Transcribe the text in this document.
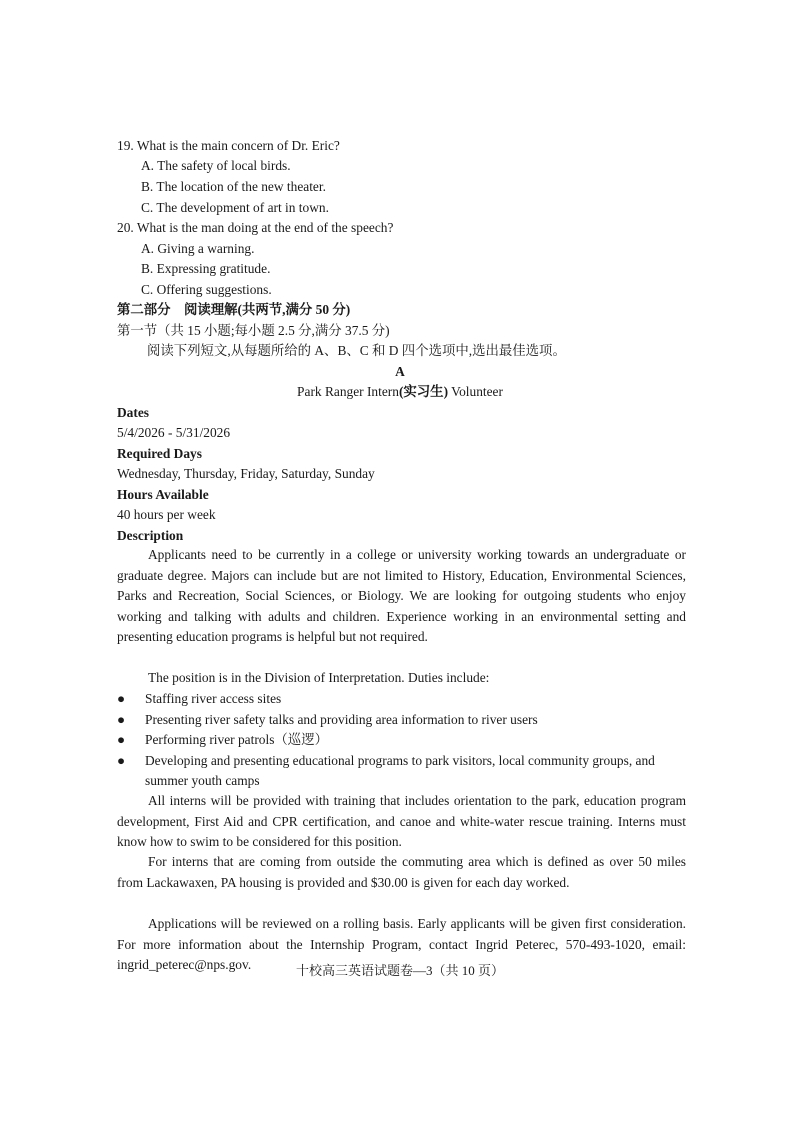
19. What is the main concern of Dr. Eric?
A. The safety of local birds.
B. The location of the new theater.
C. The development of art in town.
20. What is the man doing at the end of the speech?
A. Giving a warning.
B. Expressing gratitude.
C. Offering suggestions.
第二部分　阅读理解(共两节,满分 50 分)
第一节（共 15 小题;每小题 2.5 分,满分 37.5 分)
阅读下列短文,从每题所给的 A、B、C 和 D 四个选项中,选出最佳选项。
A
Park Ranger Intern(实习生) Volunteer
Dates
5/4/2026 - 5/31/2026
Required Days
Wednesday, Thursday, Friday, Saturday, Sunday
Hours Available
40 hours per week
Description
Applicants need to be currently in a college or university working towards an undergraduate or graduate degree. Majors can include but are not limited to History, Education, Environmental Sciences, Parks and Recreation, Social Sciences, or Biology. We are looking for outgoing students who enjoy working and talking with adults and children. Experience working in an environmental setting and presenting education programs is helpful but not required.
The position is in the Division of Interpretation. Duties include:
● Staffing river access sites
● Presenting river safety talks and providing area information to river users
● Performing river patrols（巡逻）
● Developing and presenting educational programs to park visitors, local community groups, and summer youth camps
All interns will be provided with training that includes orientation to the park, education program development, First Aid and CPR certification, and canoe and white-water rescue training. Interns must know how to swim to be considered for this position.
For interns that are coming from outside the commuting area which is defined as over 50 miles from Lackawaxen, PA housing is provided and $30.00 is given for each day worked.
Applications will be reviewed on a rolling basis. Early applicants will be given first consideration. For more information about the Internship Program, contact Ingrid Peterec, 570-493-1020, email: ingrid_peterec@nps.gov.	十校高三英语试题卷—3（共 10 页）
